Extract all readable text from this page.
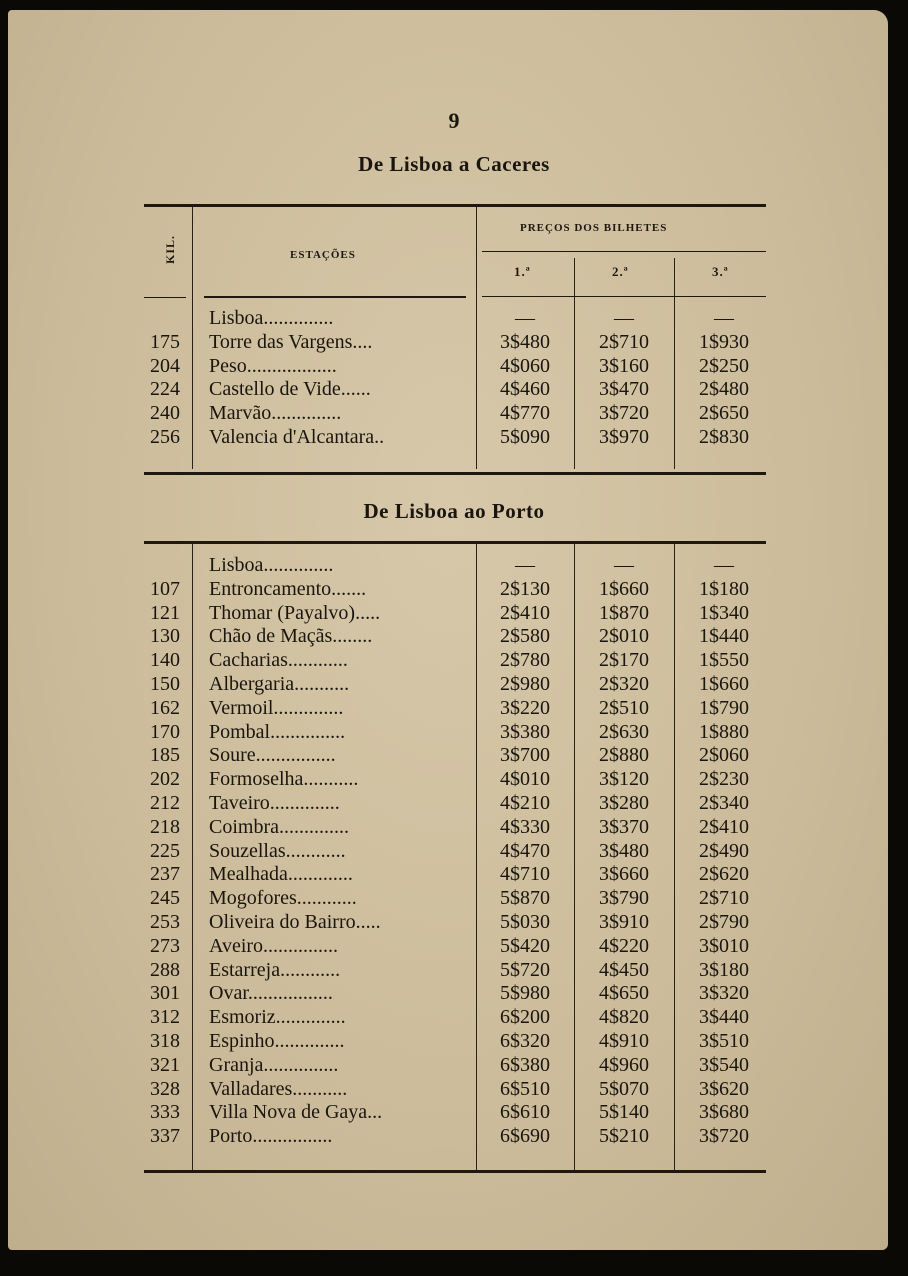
9
De Lisboa a Caceres
KIL.	ESTAÇÕES
PREÇOS DOS BILHETES
1.ª	2.ª	3.ª
Lisboa..............	—	—	—
175 Torre das Vargens....	3$480	2$710	1$930
204 Peso..................	4$060	3$160	2$250
224 Castello de Vide......	4$460	3$470	2$480
240 Marvão..............	4$770	3$720	2$650
256 Valencia d'Alcantara..	5$090	3$970	2$830
De Lisboa ao Porto
Lisboa..............	—	—	—
107 Entroncamento.......	2$130	1$660	1$180
121 Thomar (Payalvo).....	2$410	1$870	1$340
130 Chão de Maçãs........	2$580	2$010	1$440
140 Cacharias............	2$780	2$170	1$550
150 Albergaria...........	2$980	2$320	1$660
162 Vermoil..............	3$220	2$510	1$790
170 Pombal...............	3$380	2$630	1$880
185 Soure................	3$700	2$880	2$060
202 Formoselha...........	4$010	3$120	2$230
212 Taveiro..............	4$210	3$280	2$340
218 Coimbra..............	4$330	3$370	2$410
225 Souzellas............	4$470	3$480	2$490
237 Mealhada.............	4$710	3$660	2$620
245 Mogofores............	5$870	3$790	2$710
253 Oliveira do Bairro.....	5$030	3$910	2$790
273 Aveiro...............	5$420	4$220	3$010
288 Estarreja............	5$720	4$450	3$180
301 Ovar.................	5$980	4$650	3$320
312 Esmoriz..............	6$200	4$820	3$440
318 Espinho..............	6$320	4$910	3$510
321 Granja...............	6$380	4$960	3$540
328 Valladares...........	6$510	5$070	3$620
333 Villa Nova de Gaya...	6$610	5$140	3$680
337 Porto................	6$690	5$210	3$720
